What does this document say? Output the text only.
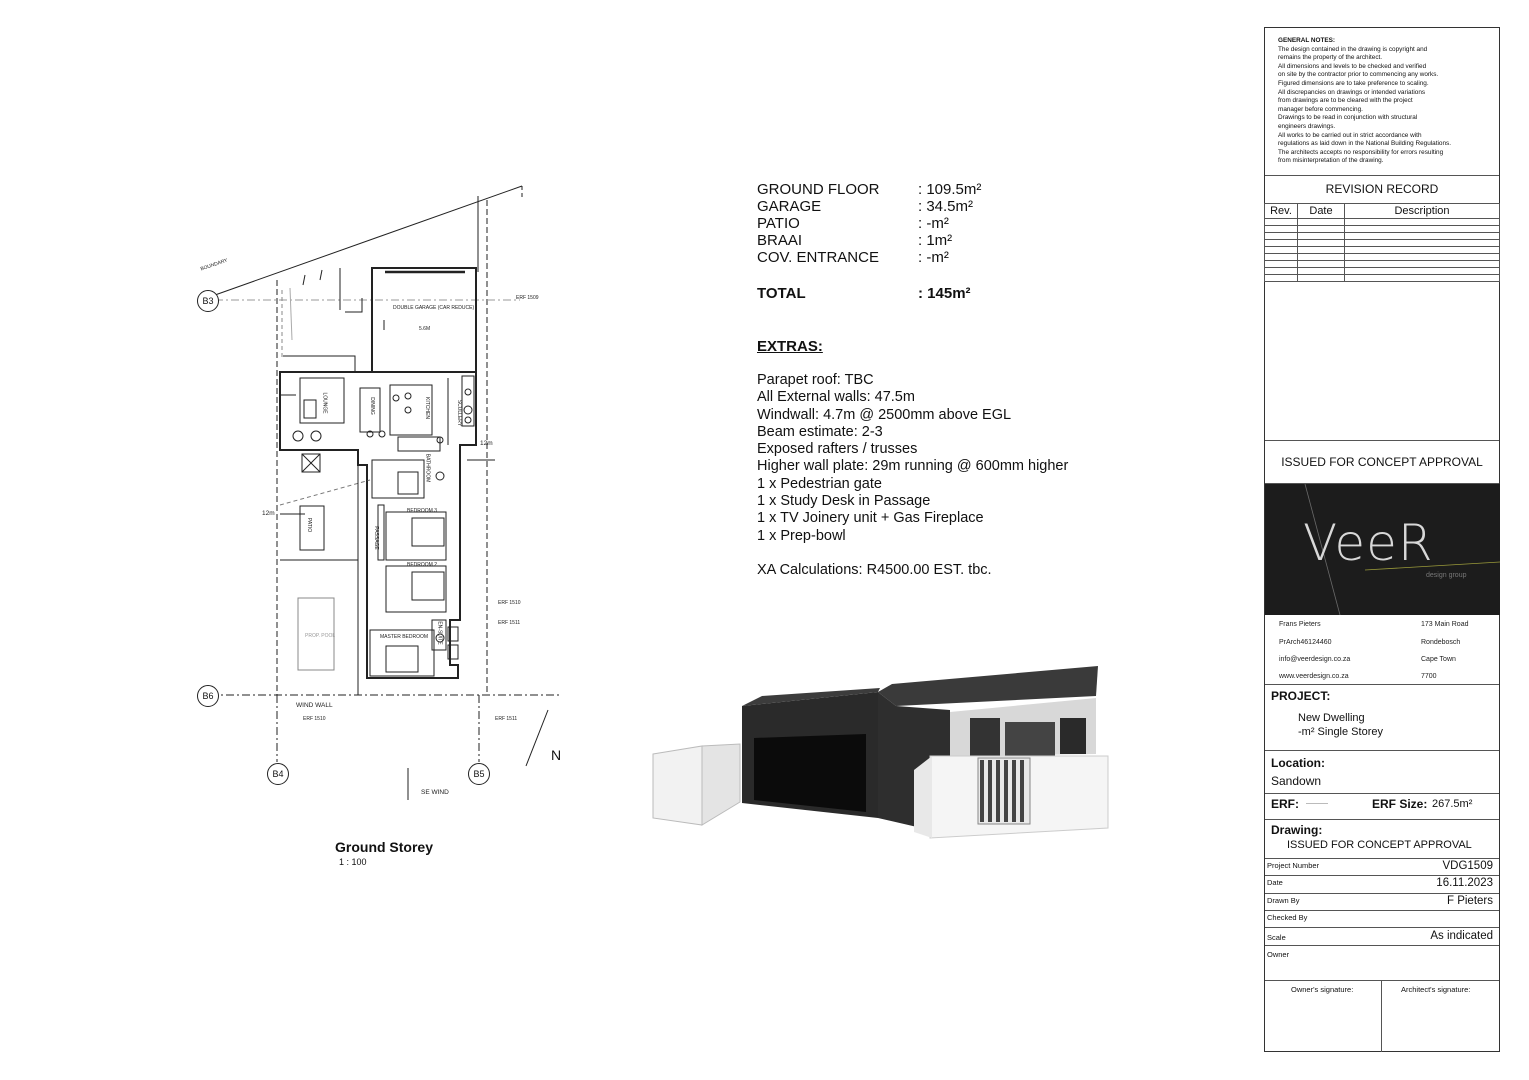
B3
B6
B4	B5
BOUNDARY
DOUBLE GARAGE (CAR REDUCE)
5.6M
ERF 1509
LOUNGE	DINING	KITCHEN	SCULLERY
BATHROOM
BEDROOM 3
BEDROOM 2
PASSAGE
PATIO
PROP. POOL	MASTER BEDROOM EN-SUITE
12m
12m
ERF 1510
ERF 1511
WIND WALL
ERF 1510	ERF 1511
SE WIND
N
Ground Storey
1 : 100
GROUND FLOOR	: 109.5m²
GARAGE	: 34.5m²
PATIO	: -m²
BRAAI	: 1m²
COV. ENTRANCE	: -m²
TOTAL	: 145m²
EXTRAS:
Parapet roof: TBC
All External walls: 47.5m
Windwall: 4.7m @ 2500mm above EGL
Beam estimate: 2-3
Exposed rafters / trusses
Higher wall plate: 29m running @ 600mm higher
1 x Pedestrian gate
1 x Study Desk in Passage
1 x TV Joinery unit + Gas Fireplace
1 x Prep-bowl
XA Calculations: R4500.00 EST. tbc.
GENERAL NOTES:
The design contained in the drawing is copyright and
remains the property of the architect.
All dimensions and levels to be checked and verified
on site by the contractor prior to commencing any works.
Figured dimensions are to take preference to scaling.
All discrepancies on drawings or intended variations
from drawings are to be cleared with the project
manager before commencing.
Drawings to be read in conjunction with structural
engineers drawings.
All works to be carried out in strict accordance with
regulations as laid down in the National Building Regulations.
The architects accepts no responsibility for errors resulting
from misinterpretation of the drawing.
REVISION RECORD
Rev.	Date	Description

ISSUED FOR CONCEPT APPROVAL
VeeR
design group
Frans Pieters
PrArch46124460
info@veerdesign.co.za
www.veerdesign.co.za
173 Main Road
Rondebosch
Cape Town
7700
PROJECT:
New Dwelling
-m² Single Storey
Location:
Sandown
ERF:	ERF Size: 267.5m²
Drawing:
ISSUED FOR CONCEPT APPROVAL
Project Number	VDG1509
Date	16.11.2023
Drawn By	F Pieters
Checked By
Scale	As indicated
Owner
Owner's signature:	Architect's signature:
